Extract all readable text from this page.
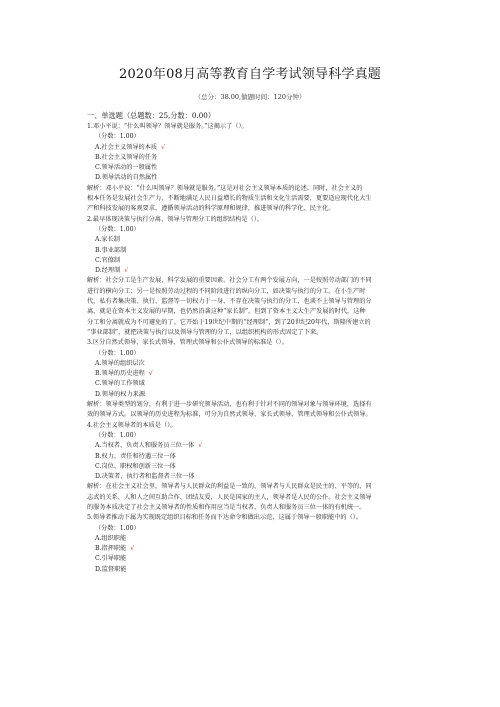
2020年08月高等教育自学考试领导科学真题
（总分：38.00,做题时间：120分钟）
一、单选题（总题数：25,分数：0.00）
1.邓小平说：“什么叫领导？领导就是服务。”这揭示了（）。
（分数：1.00）
A.社会主义领导的本质 √
B.社会主义领导的任务
C.领导活动的一般属性
D.领导活动的自然属性
解析：邓小平说：“什么叫领导？领导就是服务。”这是对社会主义领导本质的论述。同时，社会主义的
根本任务是发展社会生产力，不断地满足人民日益增长的物质生活和文化生活需要，更要适应现代化大生
产和科技发展的客观要求，遵循领导活动的科学原理和规律，推进领导的科学化、民主化。
2.最早体现决策与执行分离、领导与管理分工的组织结构是（）。
（分数：1.00）
A.家长制
B.事业部制
C.官僚制
D.经理制 √
解析：社会分工是生产发展、科学发展的重要因素。社会分工有两个发展方向，一是按照劳动部门的不同
进行的横向分工；另一是按照劳动过程的不同阶段进行的纵向分工，如决策与执行的分工。在小生产时
代，私有者集决策、执行、监督等一切权力于一身，不存在决策与执行的分工，也谈不上领导与管理的分
离，就是在资本主义发展的早期，也仍然沿袭这种“家长制”。但到了资本主义大生产发展的时代，这种
分工和分离就成为不可避免的了。它开始于19世纪中期的“经理制”，到了20世纪20年代，斯隆所建立的
“事业部制”，就把决策与执行以及领导与管理的分工，以组织机构的形式固定了下来。
3.区分自然式领导、家长式领导、管理式领导和公仆式领导的标准是（）。
（分数：1.00）
A.领导的组织层次
B.领导的历史进程 √
C.领导的工作领域
D.领导的权力来源
解析：领导类型的划分，有利于进一步研究领导活动，也有利于针对不同的领导对象与领导环境，选择有
效的领导方式。以领导的历史进程为标准，可分为自然式领导、家长式领导、管理式领导和公仆式领导。
4.社会主义领导者的本质是（）。
（分数：1.00）
A.当权者、负责人和服务员三位一体 √
B.权力、责任和待遇三位一体
C.岗位、职权和创新三位一体
D.决策者、执行者和监督者三位一体
解析：在社会主义社会里，领导者与人民群众的利益是一致的，领导者与人民群众是民主的、平等的、同
志式的关系，人和人之间互助合作、团结友爱，人民是国家的主人，领导者是人民的公仆。社会主义领导
的服务本质决定了社会主义领导者的性质和作用应当是当权者、负责人和服务员三位一体的有机统一。
5.领导者推动下属为实现既定组织目标和任务而下达命令和做出示范，这属于领导一般职能中的（）。
（分数：1.00）
A.组织职能
B.指挥职能 √
C.引导职能
D.监督职能
